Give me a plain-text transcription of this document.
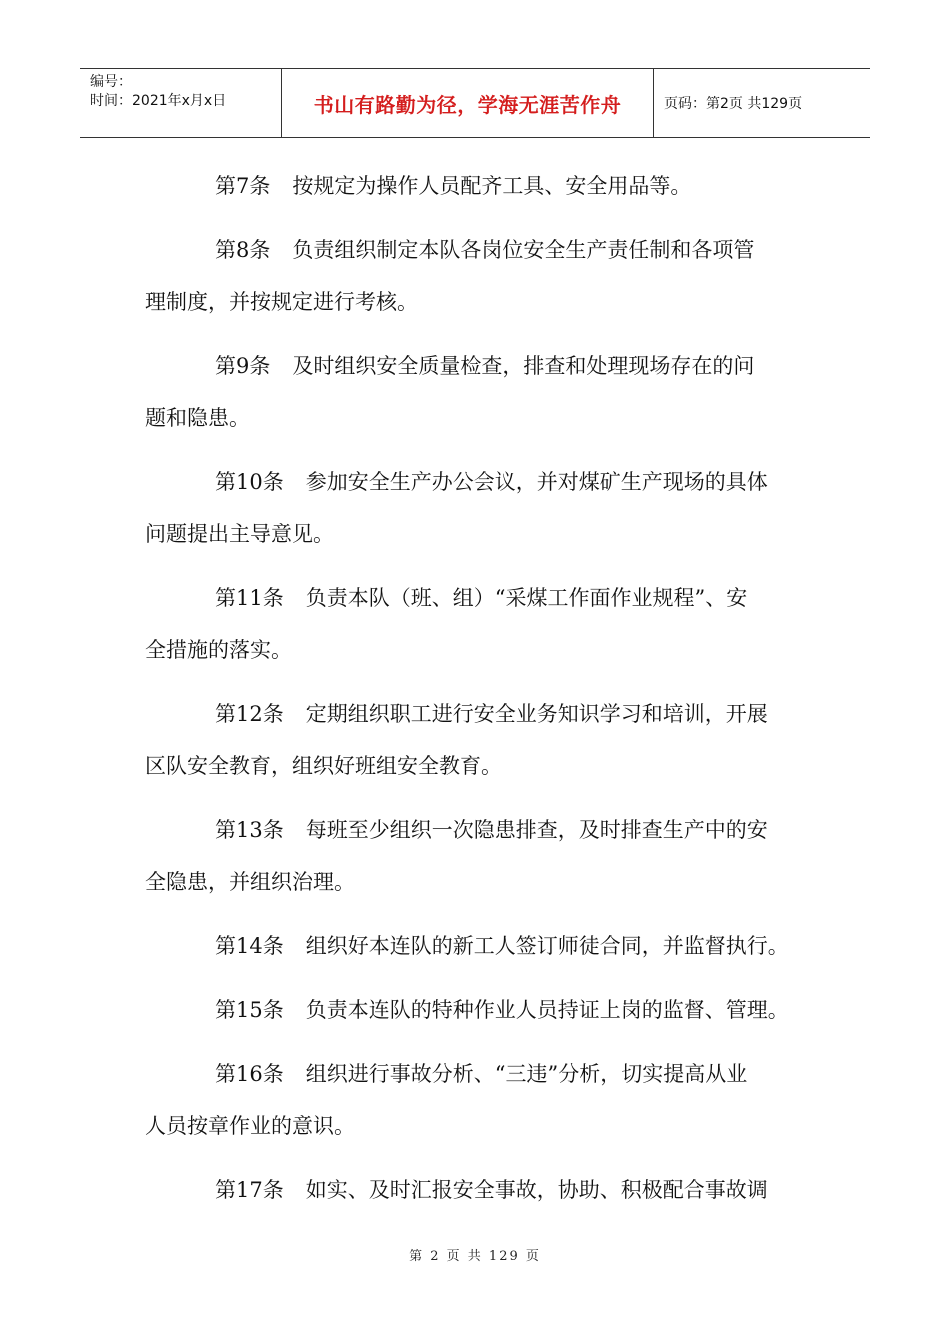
编号：
时间：2021年x月x日	书山有路勤为径，学海无涯苦作舟	页码：第2页 共129页
第7条 按规定为操作人员配齐工具、安全用品等。
第8条 负责组织制定本队各岗位安全生产责任制和各项管
理制度，并按规定进行考核。
第9条 及时组织安全质量检查，排查和处理现场存在的问
题和隐患。
第10条 参加安全生产办公会议，并对煤矿生产现场的具体
问题提出主导意见。
第11条 负责本队（班、组）“采煤工作面作业规程”、安
全措施的落实。
第12条 定期组织职工进行安全业务知识学习和培训，开展
区队安全教育，组织好班组安全教育。
第13条 每班至少组织一次隐患排查，及时排查生产中的安
全隐患，并组织治理。
第14条 组织好本连队的新工人签订师徒合同，并监督执行。
第15条 负责本连队的特种作业人员持证上岗的监督、管理。
第16条 组织进行事故分析、“三违”分析，切实提高从业
人员按章作业的意识。
第17条 如实、及时汇报安全事故，协助、积极配合事故调
第 2 页 共 129 页
